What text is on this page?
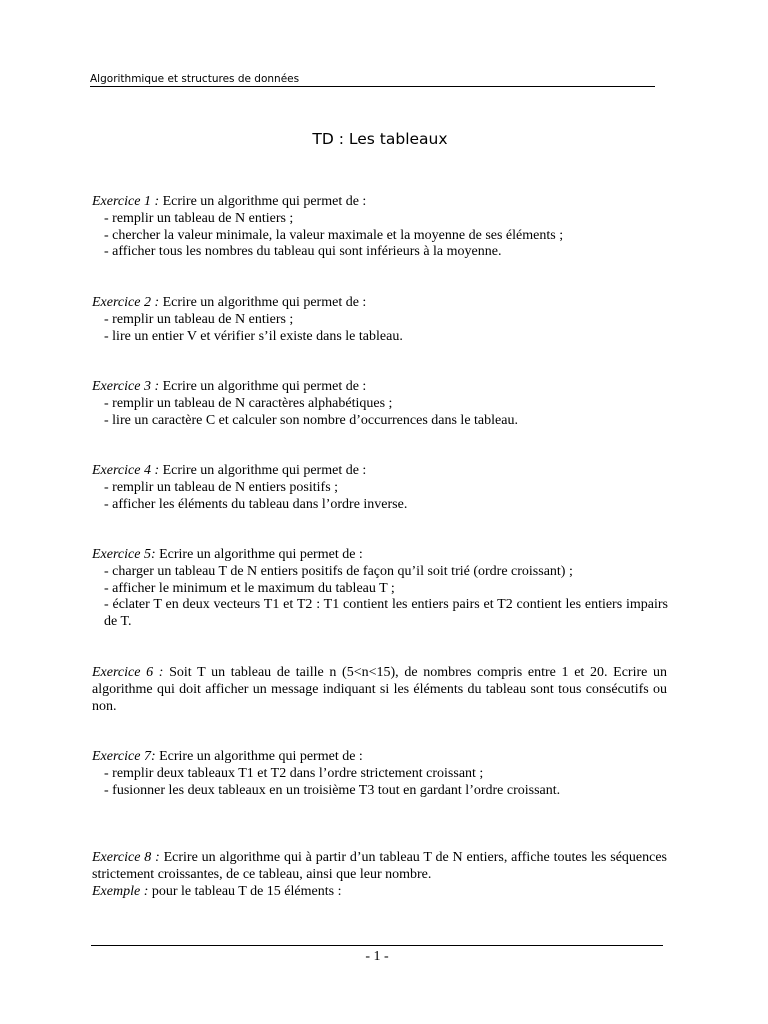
Algorithmique et structures de données
TD : Les tableaux
Exercice 1 : Ecrire un algorithme qui permet de :
- remplir un tableau de N entiers ;
- chercher la valeur minimale, la valeur maximale et la moyenne de ses éléments ;
- afficher tous les nombres du tableau qui sont inférieurs à la moyenne.
Exercice 2 : Ecrire un algorithme qui permet de :
- remplir un tableau de N entiers ;
- lire un entier V et vérifier s’il existe dans le tableau.
Exercice 3 : Ecrire un algorithme qui permet de :
- remplir un tableau de N caractères alphabétiques ;
- lire un caractère C et calculer son nombre d’occurrences dans le tableau.
Exercice 4 : Ecrire un algorithme qui permet de :
- remplir un tableau de N entiers positifs ;
- afficher les éléments du tableau dans l’ordre inverse.
Exercice 5: Ecrire un algorithme qui permet de :
- charger un tableau T de N entiers positifs de façon qu’il soit trié (ordre croissant) ;
- afficher le minimum et le maximum du tableau T ;
- éclater T en deux vecteurs T1 et T2 : T1 contient les entiers pairs et T2 contient les entiers impairs de T.
Exercice 6 : Soit T un tableau de taille n (5<n<15), de nombres compris entre 1 et 20. Ecrire un algorithme qui doit afficher un message indiquant si les éléments du tableau sont tous consécutifs ou non.
Exercice 7: Ecrire un algorithme qui permet de :
- remplir deux tableaux T1 et T2 dans l’ordre strictement croissant ;
- fusionner les deux tableaux en un troisième T3 tout en gardant l’ordre croissant.
Exercice 8 : Ecrire un algorithme qui à partir d’un tableau T de N entiers, affiche toutes les séquences strictement croissantes, de ce tableau, ainsi que leur nombre.
Exemple : pour le tableau T de 15 éléments :
- 1 -
